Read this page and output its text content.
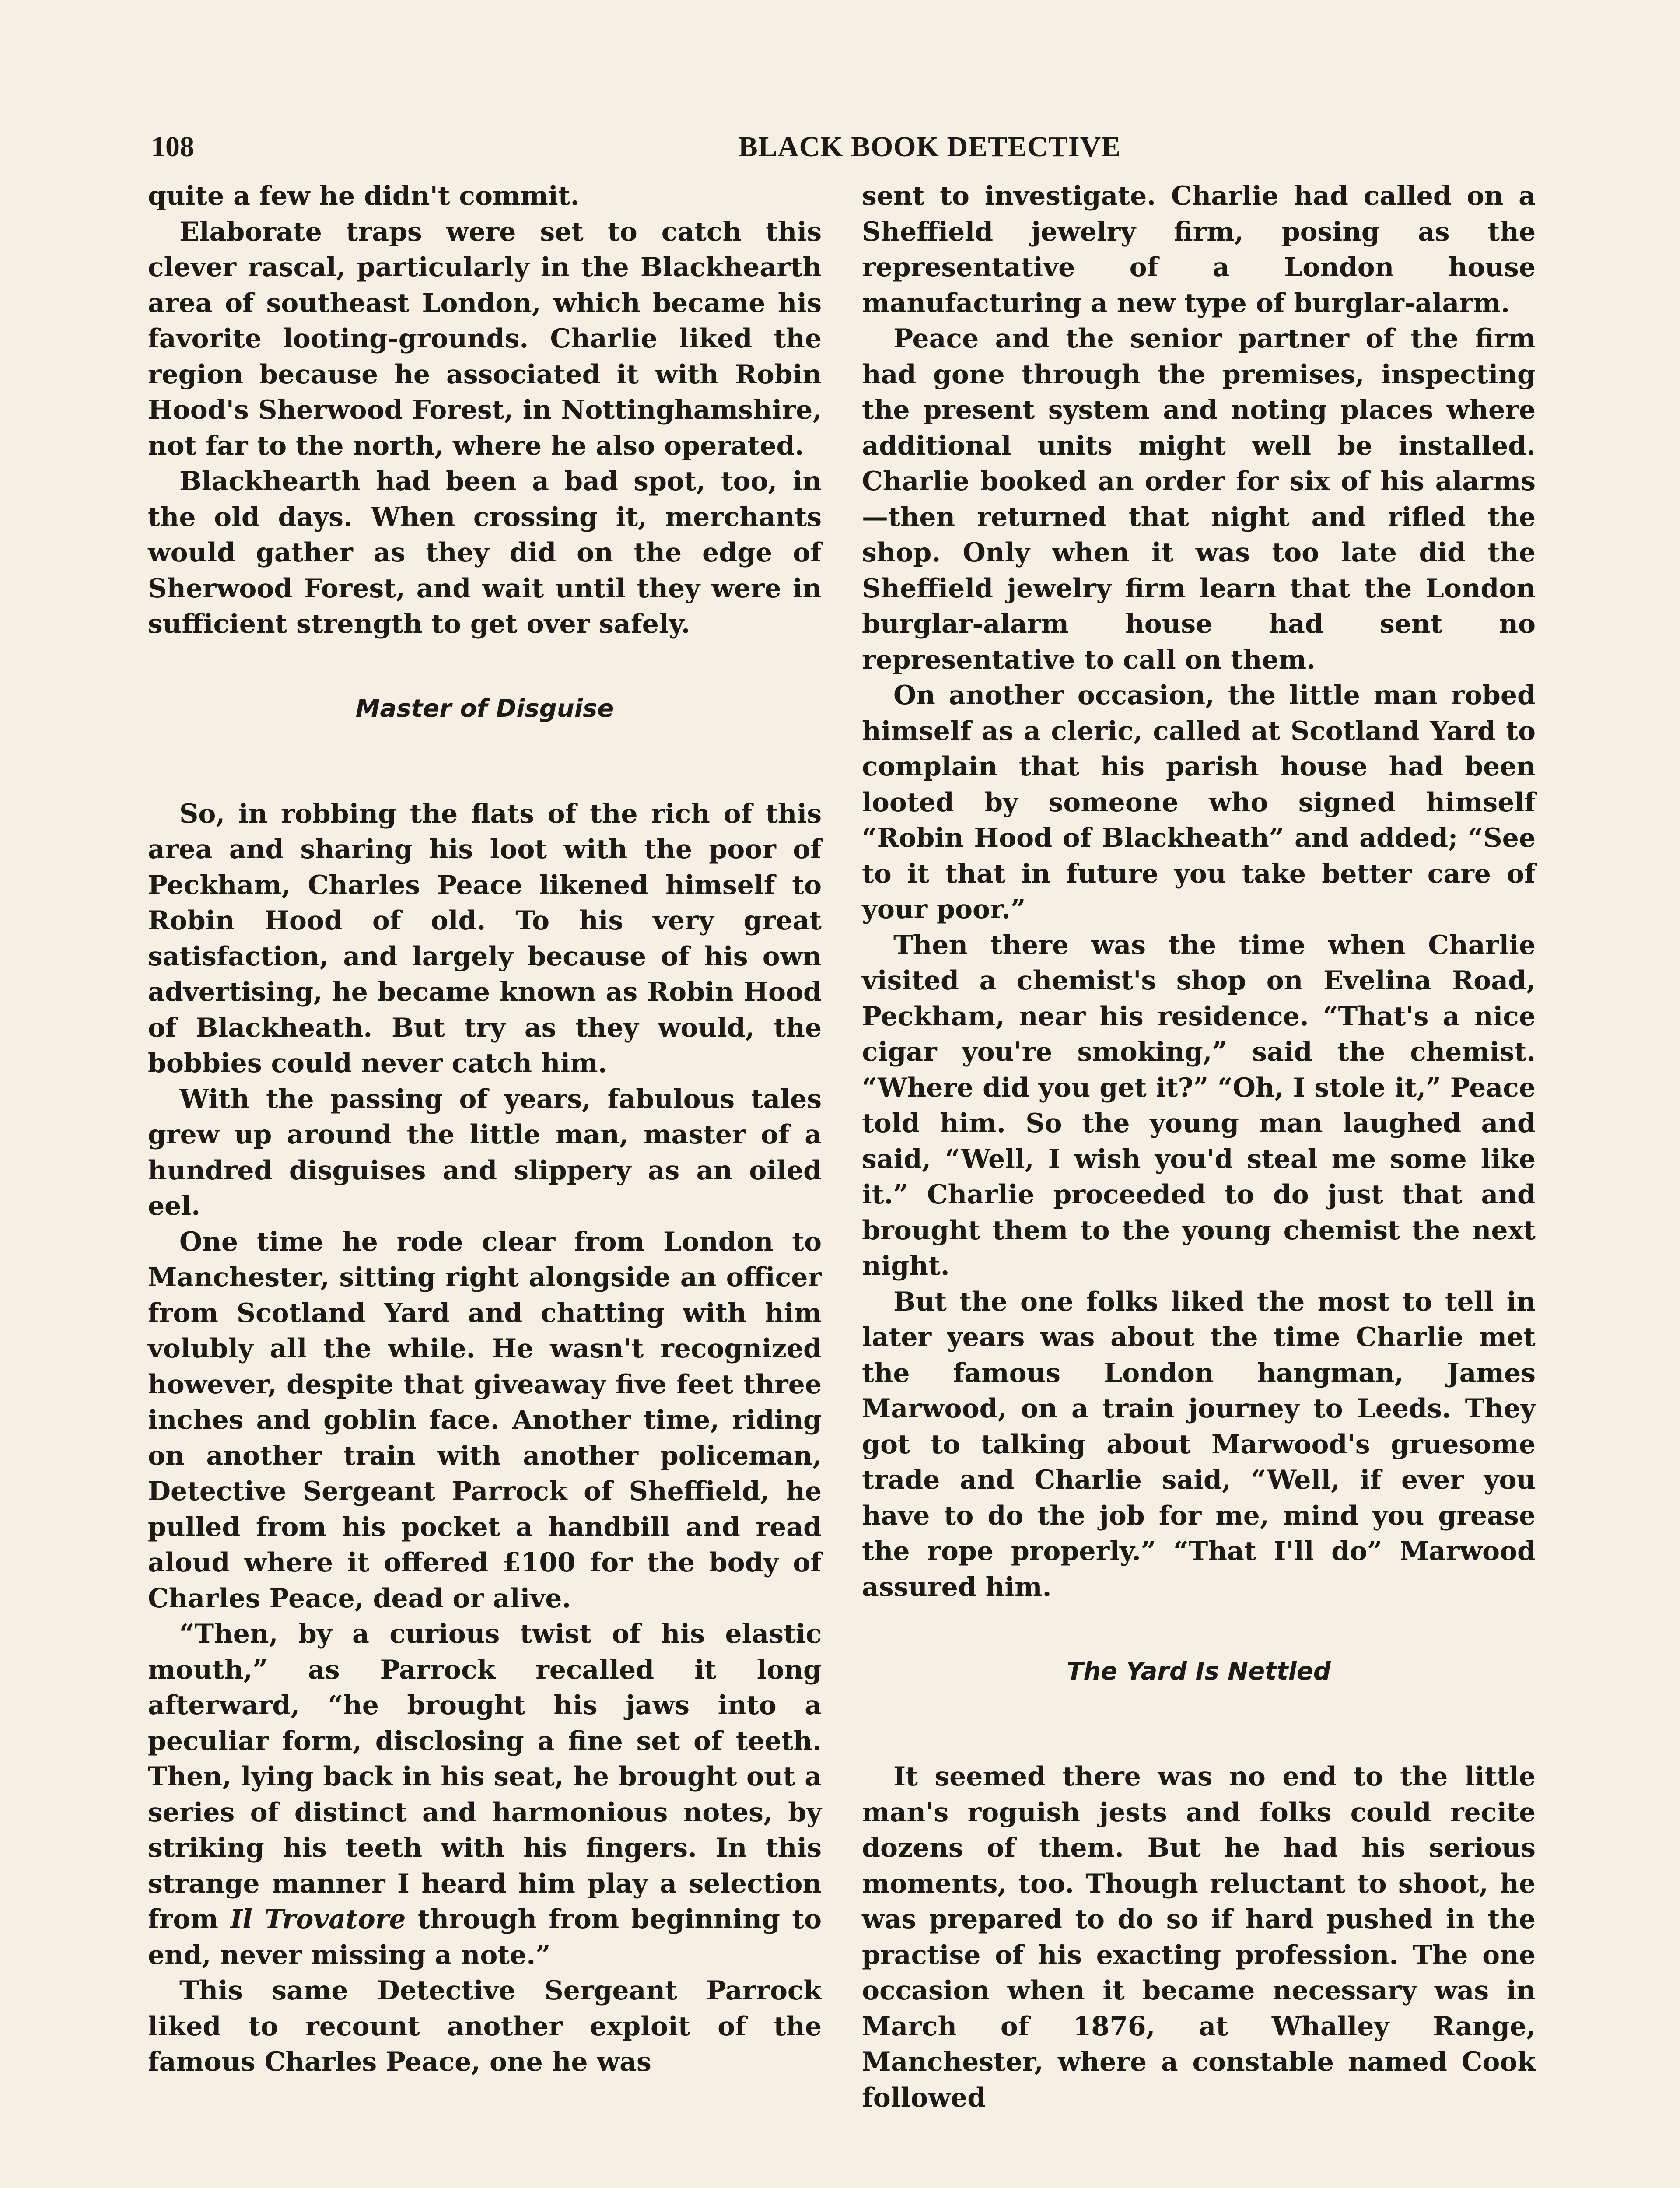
108	BLACK BOOK DETECTIVE

quite a few he didn't commit.

Elaborate traps were set to catch this clever rascal, particularly in the Blackhearth area of southeast London, which became his favorite looting-grounds. Charlie liked the region because he associated it with Robin Hood's Sherwood Forest, in Nottinghamshire, not far to the north, where he also operated.

Blackhearth had been a bad spot, too, in the old days. When crossing it, merchants would gather as they did on the edge of Sherwood Forest, and wait until they were in sufficient strength to get over safely.

Master of Disguise

So, in robbing the flats of the rich of this area and sharing his loot with the poor of Peckham, Charles Peace likened himself to Robin Hood of old. To his very great satisfaction, and largely because of his own advertising, he became known as Robin Hood of Blackheath. But try as they would, the bobbies could never catch him.

With the passing of years, fabulous tales grew up around the little man, master of a hundred disguises and slippery as an oiled eel.

One time he rode clear from London to Manchester, sitting right alongside an officer from Scotland Yard and chatting with him volubly all the while. He wasn't recognized however, despite that giveaway five feet three inches and goblin face. Another time, riding on another train with another policeman, Detective Sergeant Parrock of Sheffield, he pulled from his pocket a handbill and read aloud where it offered £100 for the body of Charles Peace, dead or alive.

“Then, by a curious twist of his elastic mouth,” as Parrock recalled it long afterward, “he brought his jaws into a peculiar form, disclosing a fine set of teeth. Then, lying back in his seat, he brought out a series of distinct and harmonious notes, by striking his teeth with his fingers. In this strange manner I heard him play a selection from Il Trovatore through from beginning to end, never missing a note.”

This same Detective Sergeant Parrock liked to recount another exploit of the famous Charles Peace, one he was

sent to investigate. Charlie had called on a Sheffield jewelry firm, posing as the representative of a London house manufacturing a new type of burglar-alarm.

Peace and the senior partner of the firm had gone through the premises, inspecting the present system and noting places where additional units might well be installed. Charlie booked an order for six of his alarms—then returned that night and rifled the shop. Only when it was too late did the Sheffield jewelry firm learn that the London burglar-alarm house had sent no representative to call on them.

On another occasion, the little man robed himself as a cleric, called at Scotland Yard to complain that his parish house had been looted by someone who signed himself “Robin Hood of Blackheath” and added; “See to it that in future you take better care of your poor.”

Then there was the time when Charlie visited a chemist's shop on Evelina Road, Peckham, near his residence. “That's a nice cigar you're smoking,” said the chemist. “Where did you get it?” “Oh, I stole it,” Peace told him. So the young man laughed and said, “Well, I wish you'd steal me some like it.” Charlie proceeded to do just that and brought them to the young chemist the next night.

But the one folks liked the most to tell in later years was about the time Charlie met the famous London hangman, James Marwood, on a train journey to Leeds. They got to talking about Marwood's gruesome trade and Charlie said, “Well, if ever you have to do the job for me, mind you grease the rope properly.” “That I'll do” Marwood assured him.

The Yard Is Nettled

It seemed there was no end to the little man's roguish jests and folks could recite dozens of them. But he had his serious moments, too. Though reluctant to shoot, he was prepared to do so if hard pushed in the practise of his exacting profession. The one occasion when it became necessary was in March of 1876, at Whalley Range, Manchester, where a constable named Cook followed
